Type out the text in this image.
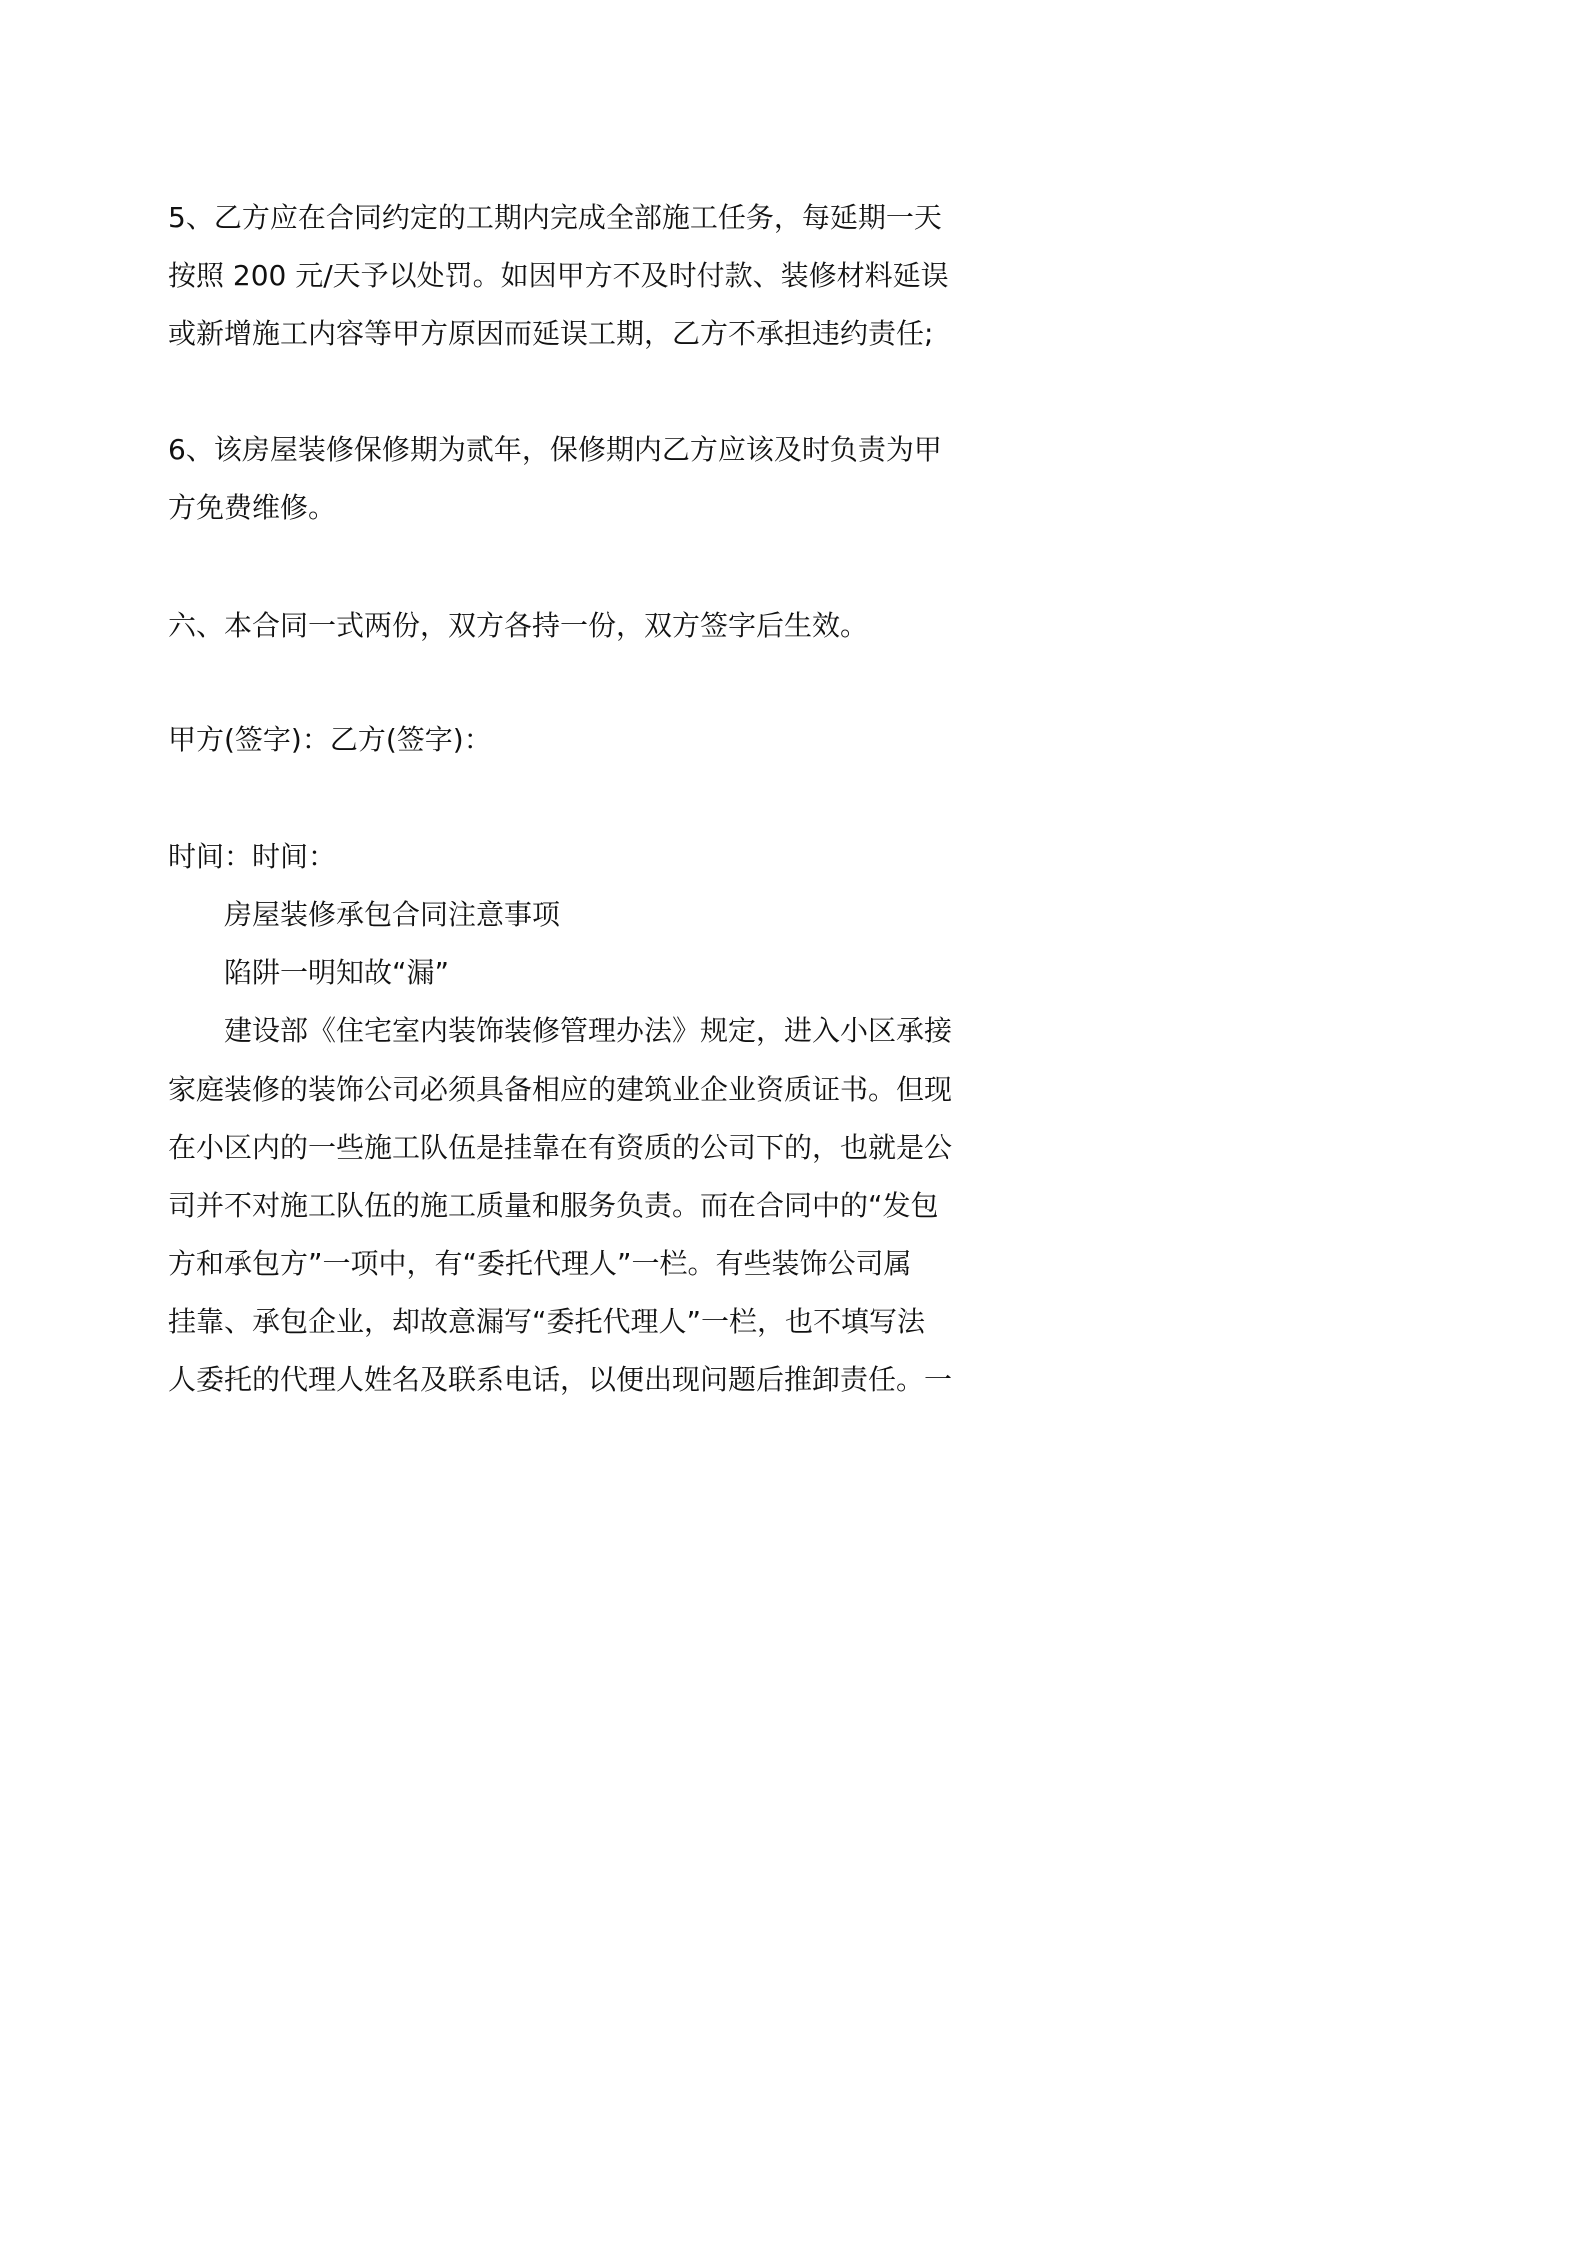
5、乙方应在合同约定的工期内完成全部施工任务，每延期一天
按照 200 元/天予以处罚。如因甲方不及时付款、装修材料延误
或新增施工内容等甲方原因而延误工期，乙方不承担违约责任;
6、该房屋装修保修期为贰年，保修期内乙方应该及时负责为甲
方免费维修。
六、本合同一式两份，双方各持一份，双方签字后生效。
甲方(签字)：乙方(签字)：
时间：时间：
房屋装修承包合同注意事项
陷阱一明知故“漏”
建设部《住宅室内装饰装修管理办法》规定，进入小区承接
家庭装修的装饰公司必须具备相应的建筑业企业资质证书。但现
在小区内的一些施工队伍是挂靠在有资质的公司下的，也就是公
司并不对施工队伍的施工质量和服务负责。而在合同中的“发包
方和承包方”一项中，有“委托代理人”一栏。有些装饰公司属
挂靠、承包企业，却故意漏写“委托代理人”一栏，也不填写法
人委托的代理人姓名及联系电话，以便出现问题后推卸责任。一
